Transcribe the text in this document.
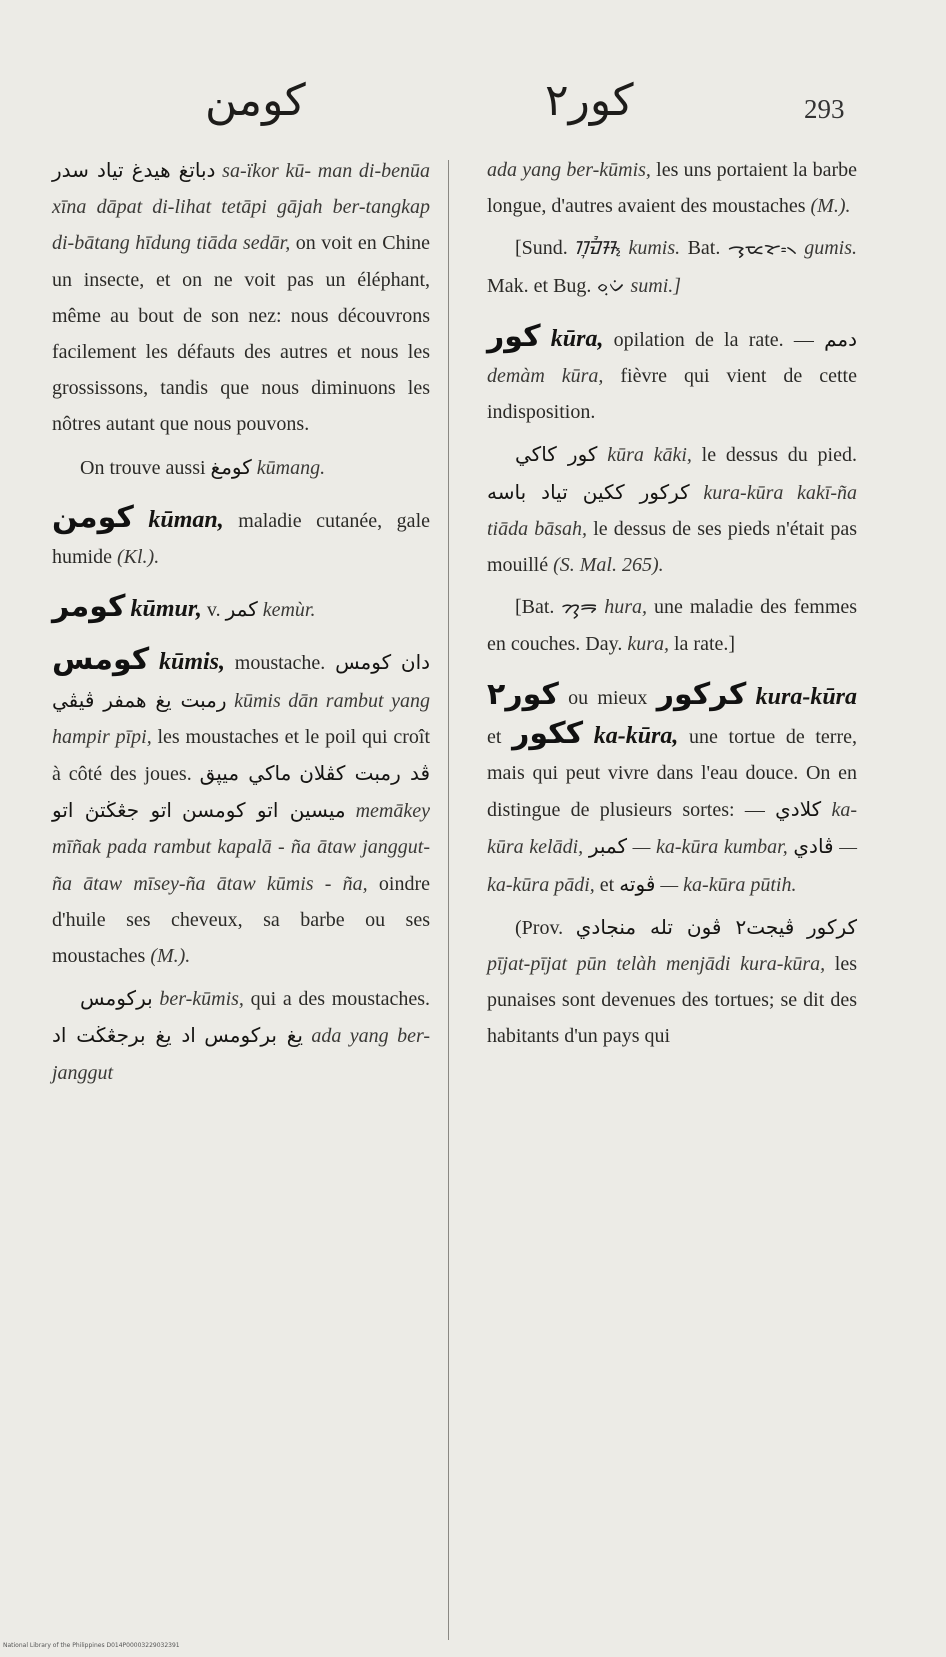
كومن	كور٢	293

دباتغ هيدغ تياد سدر sa-ïkor kū- man di-benūa xīna dāpat di-lihat tetāpi gājah ber-tangkap di-bātang hīdung tiāda sedār, on voit en Chine un insecte, et on ne voit pas un éléphant, même au bout de son nez: nous découvrons facilement les défauts des autres et nous les grossissons, tandis que nous diminuons les nôtres autant que nous pouvons.

On trouve aussi كومغ kūmang.

كومن kūman, maladie cutanée, gale humide (Kl.).

كومر kūmur, v. كمر kemùr.

كومس kūmis, moustache. كومس دان رمبت يغ همفر ڤيڤي kūmis dān rambut yang hampir pīpi, les moustaches et le poil qui croît à côté des joues. ماكي ميڽق ڤد رمبت كڤلان اتو جڠڬتڽ اتو ميسين اتو كومسن memākey mīñak pada rambut kapalā - ña ātaw janggut-ña ātaw mīsey-ña ātaw kūmis - ña, oindre d'huile ses cheveux, sa barbe ou ses moustaches (M.).

بركومس ber-kūmis, qui a des moustaches. اد يغ برجڠڬت اد يغ بركومس ada yang ber-janggut

ada yang ber-kūmis, les uns portaient la barbe longue, d'autres avaient des moustaches (M.).

[Sund. ᮊᮥᮙᮤᮞ᮪ kumis. Bat. ᯎᯮᯔᯫᯘ᯲ gumis. Mak. et Bug. ᨔᨘᨆᨗ sumi.]

كور kūra, opilation de la rate. — دمم demàm kūra, fièvre qui vient de cette indisposition.

كور كاكي kūra kāki, le dessus du pied. كركور ككين تياد باسه kura-kūra kakī-ña tiāda bāsah, le dessus de ses pieds n'était pas mouillé (S. Mal. 265).

[Bat. ᯂᯮᯒ hura, une maladie des femmes en couches. Day. kura, la rate.]

كور٢ ou mieux كركور kura-kūra et ككور ka-kūra, une tortue de terre, mais qui peut vivre dans l'eau douce. On en distingue de plusieurs sortes: — كلادي ka-kūra kelādi, كمبر — ka-kūra kumbar, ڤادي — ka-kūra pādi, et ڤوته — ka-kūra pūtih.

(Prov. ڤيجت٢ ڤون تله منجادي كركور pījat-pījat pūn telàh menjādi kura-kūra, les punaises sont devenues des tortues; se dit des habitants d'un pays qui

National Library of the Philippines D014P00003229032391
